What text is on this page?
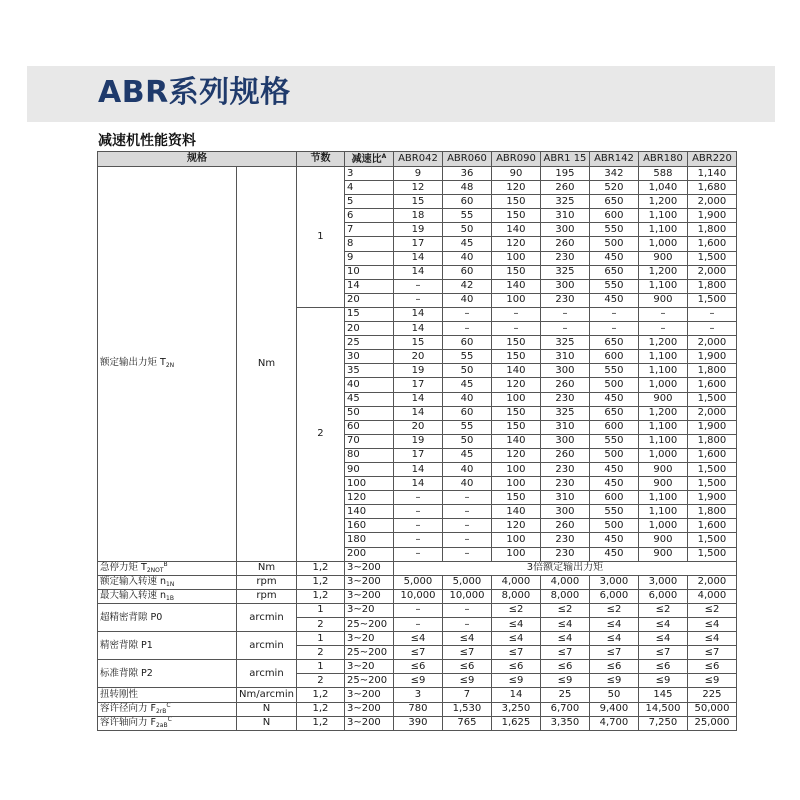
ABR系列规格
减速机性能资料
规格		节数	减速比$^A$	ABR042	ABR060	ABR090	ABR1 15	ABR142	ABR180	ABR220
额定输出力矩 $T_{2N}$	Nm	1	3	9	36	90	195	342	588	1,140
			4	12	48	120	260	520	1,040	1,680
			5	15	60	150	325	650	1,200	2,000
			6	18	55	150	310	600	1,100	1,900
			7	19	50	140	300	550	1,100	1,800
			8	17	45	120	260	500	1,000	1,600
			9	14	40	100	230	450	900	1,500
			10	14	60	150	325	650	1,200	2,000
			14	–	42	140	300	550	1,100	1,800
			20	–	40	100	230	450	900	1,500
		2	15	14	–	–	–	–	–	–
			20	14	–	–	–	–	–	–
			25	15	60	150	325	650	1,200	2,000
			30	20	55	150	310	600	1,100	1,900
			35	19	50	140	300	550	1,100	1,800
			40	17	45	120	260	500	1,000	1,600
			45	14	40	100	230	450	900	1,500
			50	14	60	150	325	650	1,200	2,000
			60	20	55	150	310	600	1,100	1,900
			70	19	50	140	300	550	1,100	1,800
			80	17	45	120	260	500	1,000	1,600
			90	14	40	100	230	450	900	1,500
			100	14	40	100	230	450	900	1,500
			120	–	–	150	310	600	1,100	1,900
			140	–	–	140	300	550	1,100	1,800
			160	–	–	120	260	500	1,000	1,600
			180	–	–	100	230	450	900	1,500
			200	–	–	100	230	450	900	1,500
急停力矩 $T_{2NOT}^B$	Nm	1,2	3~200	3倍额定输出力矩						
额定输入转速 $n_{1N}$	rpm	1,2	3~200	5,000	5,000	4,000	4,000	3,000	3,000	2,000
最大输入转速 $n_{1B}$	rpm	1,2	3~200	10,000	10,000	8,000	8,000	6,000	6,000	4,000
超精密背隙 P0	arcmin	1	3~20	–	–	≤2	≤2	≤2	≤2	≤2
		2	25~200	–	–	≤4	≤4	≤4	≤4	≤4
精密背隙 P1	arcmin	1	3~20	≤4	≤4	≤4	≤4	≤4	≤4	≤4
		2	25~200	≤7	≤7	≤7	≤7	≤7	≤7	≤7
标准背隙 P2	arcmin	1	3~20	≤6	≤6	≤6	≤6	≤6	≤6	≤6
		2	25~200	≤9	≤9	≤9	≤9	≤9	≤9	≤9
扭转刚性	Nm/arcmin	1,2	3~200	3	7	14	25	50	145	225
容许径向力 $F_{2rB}^C$	N	1,2	3~200	780	1,530	3,250	6,700	9,400	14,500	50,000
容许轴向力 $F_{2aB}^C$	N	1,2	3~200	390	765	1,625	3,350	4,700	7,250	25,000
